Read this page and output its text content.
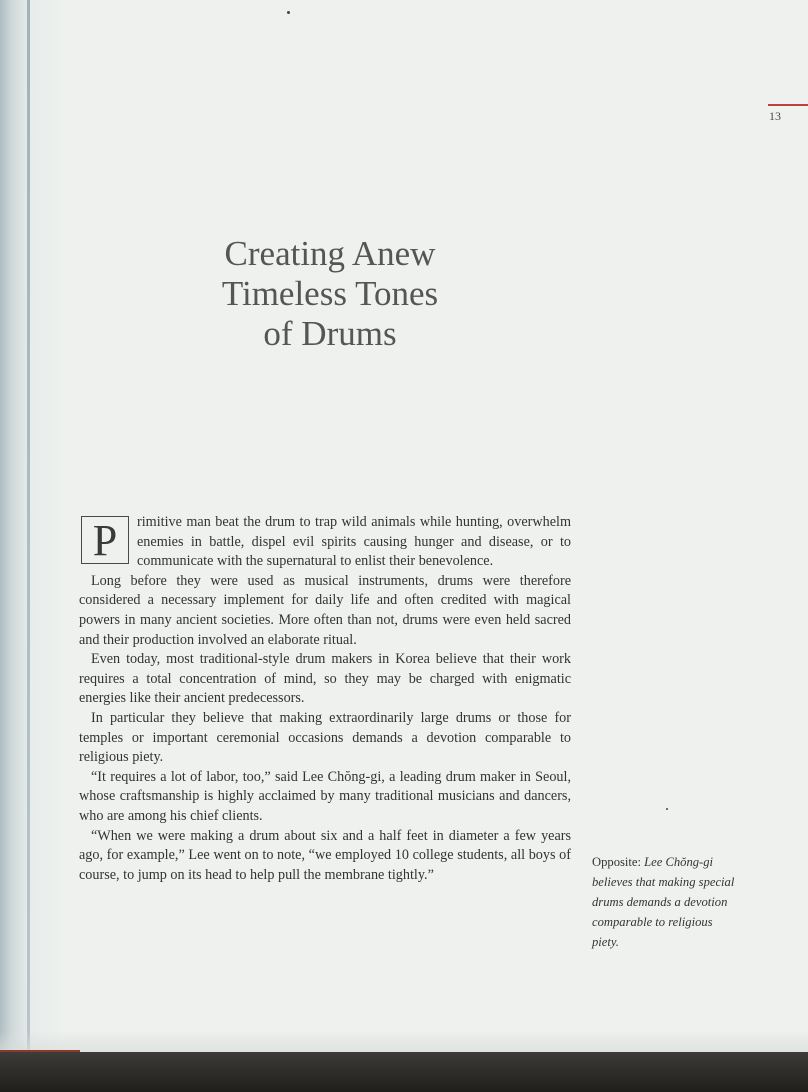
13
Creating Anew
Timeless Tones
of Drums

P	rimitive man beat the drum to trap wild animals while hunting, overwhelm enemies in battle, dispel evil spirits causing hunger and disease, or to communicate with the supernatural to enlist their benevolence.

Long before they were used as musical instruments, drums were therefore considered a necessary implement for daily life and often credited with magical powers in many ancient societies. More often than not, drums were even held sacred and their production involved an elaborate ritual.

Even today, most traditional-style drum makers in Korea believe that their work requires a total concentration of mind, so they may be charged with enigmatic energies like their ancient predecessors.

In particular they believe that making extraordinarily large drums or those for temples or important ceremonial occasions demands a devotion comparable to religious piety.

“It requires a lot of labor, too,” said Lee Chŏng-gi, a leading drum maker in Seoul, whose craftsmanship is highly acclaimed by many traditional musicians and dancers, who are among his chief clients.

“When we were making a drum about six and a half feet in diameter a few years ago, for example,” Lee went on to note, “we employed 10 college students, all boys of course, to jump on its head to help pull the membrane tightly.”

Opposite: Lee Chŏng-gi believes that making special drums demands a devotion comparable to religious piety.
